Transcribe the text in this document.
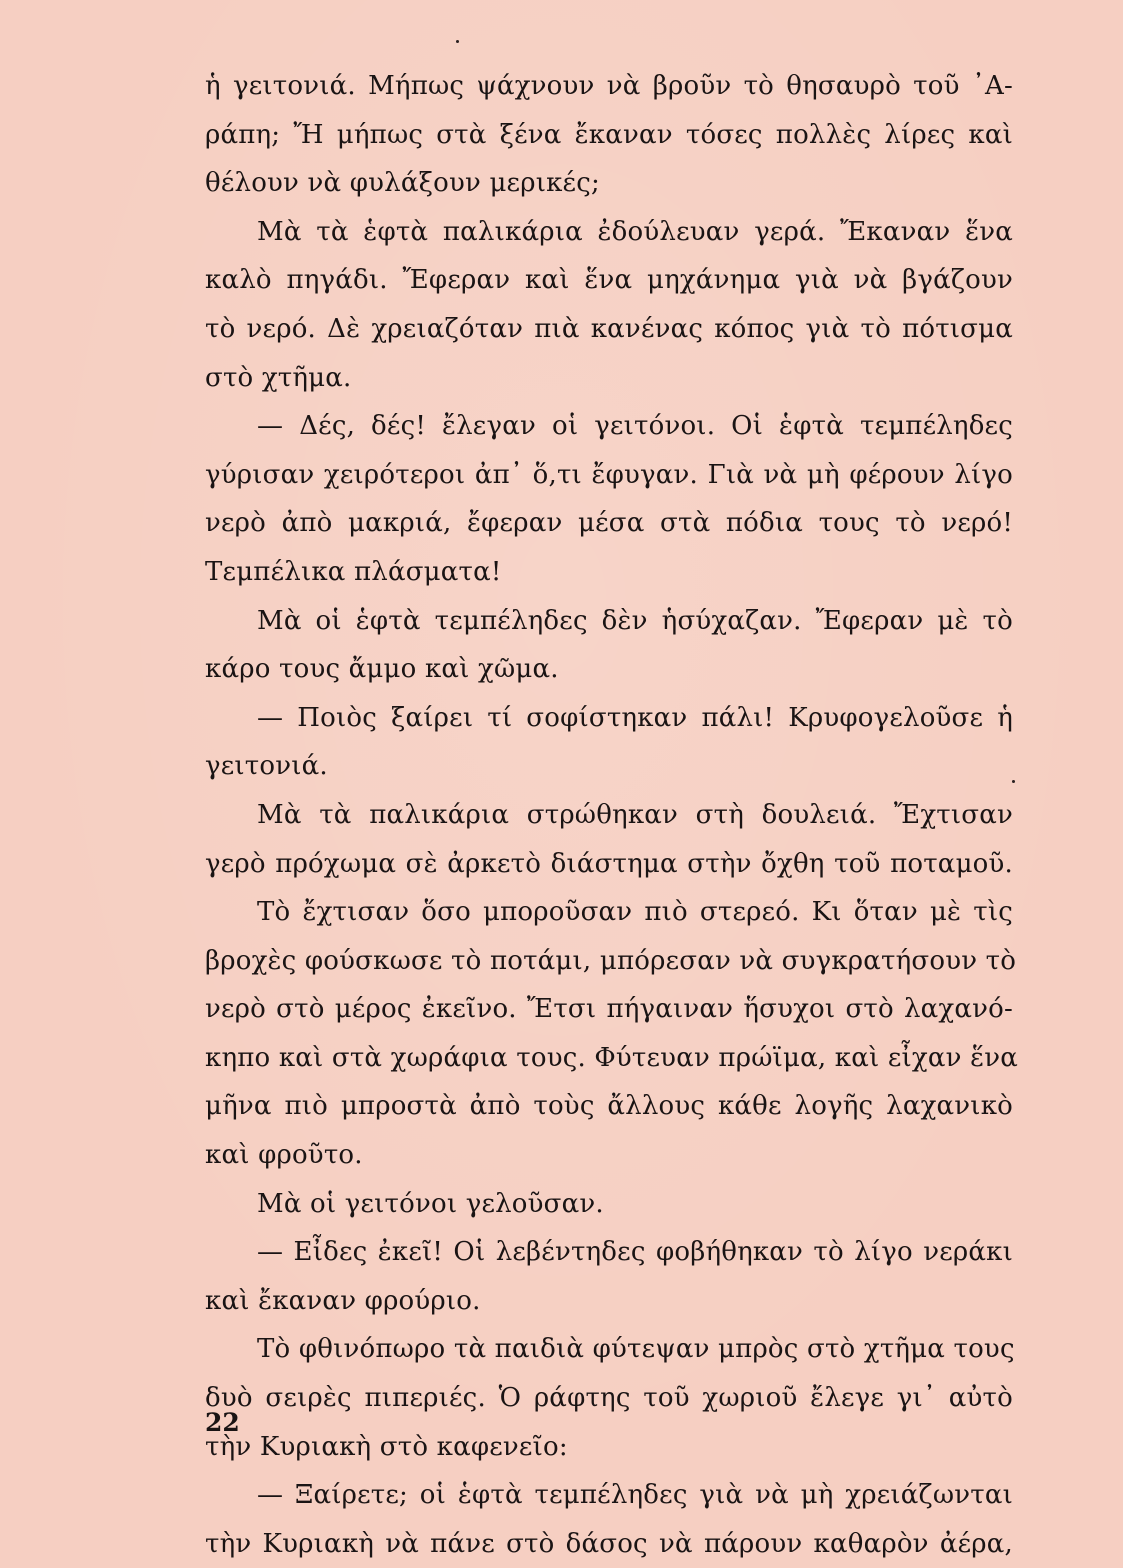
ἡ γειτονιά. Μήπως ψάχνουν νὰ βροῦν τὸ θησαυρὸ τοῦ ᾿Α-
ράπη; Ἤ μήπως στὰ ξένα ἔκαναν τόσες πολλὲς λίρες καὶ
θέλουν νὰ φυλάξουν μερικές;
Μὰ τὰ ἑφτὰ παλικάρια ἐδούλευαν γερά. Ἔκαναν ἕνα
καλὸ πηγάδι. Ἔφεραν καὶ ἕνα μηχάνημα γιὰ νὰ βγάζουν
τὸ νερό. Δὲ χρειαζόταν πιὰ κανένας κόπος γιὰ τὸ πότισμα
στὸ χτῆμα.
— Δές, δές! ἔλεγαν οἱ γειτόνοι. Οἱ ἑφτὰ τεμπέληδες
γύρισαν χειρότεροι ἀπ᾿ ὅ,τι ἔφυγαν. Γιὰ νὰ μὴ φέρουν λίγο
νερὸ ἀπὸ μακριά, ἔφεραν μέσα στὰ πόδια τους τὸ νερό!
Τεμπέλικα πλάσματα!
Μὰ οἱ ἑφτὰ τεμπέληδες δὲν ἡσύχαζαν. Ἔφεραν μὲ τὸ
κάρο τους ἄμμο καὶ χῶμα.
— Ποιὸς ξαίρει τί σοφίστηκαν πάλι! Κρυφογελοῦσε ἡ
γειτονιά.
Μὰ τὰ παλικάρια στρώθηκαν στὴ δουλειά. Ἔχτισαν
γερὸ πρόχωμα σὲ ἀρκετὸ διάστημα στὴν ὄχθη τοῦ ποταμοῦ.
Τὸ ἔχτισαν ὅσο μποροῦσαν πιὸ στερεό. Κι ὅταν μὲ τὶς
βροχὲς φούσκωσε τὸ ποτάμι, μπόρεσαν νὰ συγκρατήσουν τὸ
νερὸ στὸ μέρος ἐκεῖνο. Ἔτσι πήγαιναν ἥσυχοι στὸ λαχανό-
κηπο καὶ στὰ χωράφια τους. Φύτευαν πρώϊμα, καὶ εἶχαν ἕνα
μῆνα πιὸ μπροστὰ ἀπὸ τοὺς ἄλλους κάθε λογῆς λαχανικὸ
καὶ φροῦτο.
Μὰ οἱ γειτόνοι γελοῦσαν.
— Εἶδες ἐκεῖ! Οἱ λεβέντηδες φοβήθηκαν τὸ λίγο νεράκι
καὶ ἔκαναν φρούριο.
Τὸ φθινόπωρο τὰ παιδιὰ φύτεψαν μπρὸς στὸ χτῆμα τους
δυὸ σειρὲς πιπεριές. Ὁ ράφτης τοῦ χωριοῦ ἔλεγε γι᾿ αὐτὸ
τὴν Κυριακὴ στὸ καφενεῖο:
— Ξαίρετε; οἱ ἑφτὰ τεμπέληδες γιὰ νὰ μὴ χρειάζωνται
τὴν Κυριακὴ νὰ πάνε στὸ δάσος νὰ πάρουν καθαρὸν ἀέρα,
22
